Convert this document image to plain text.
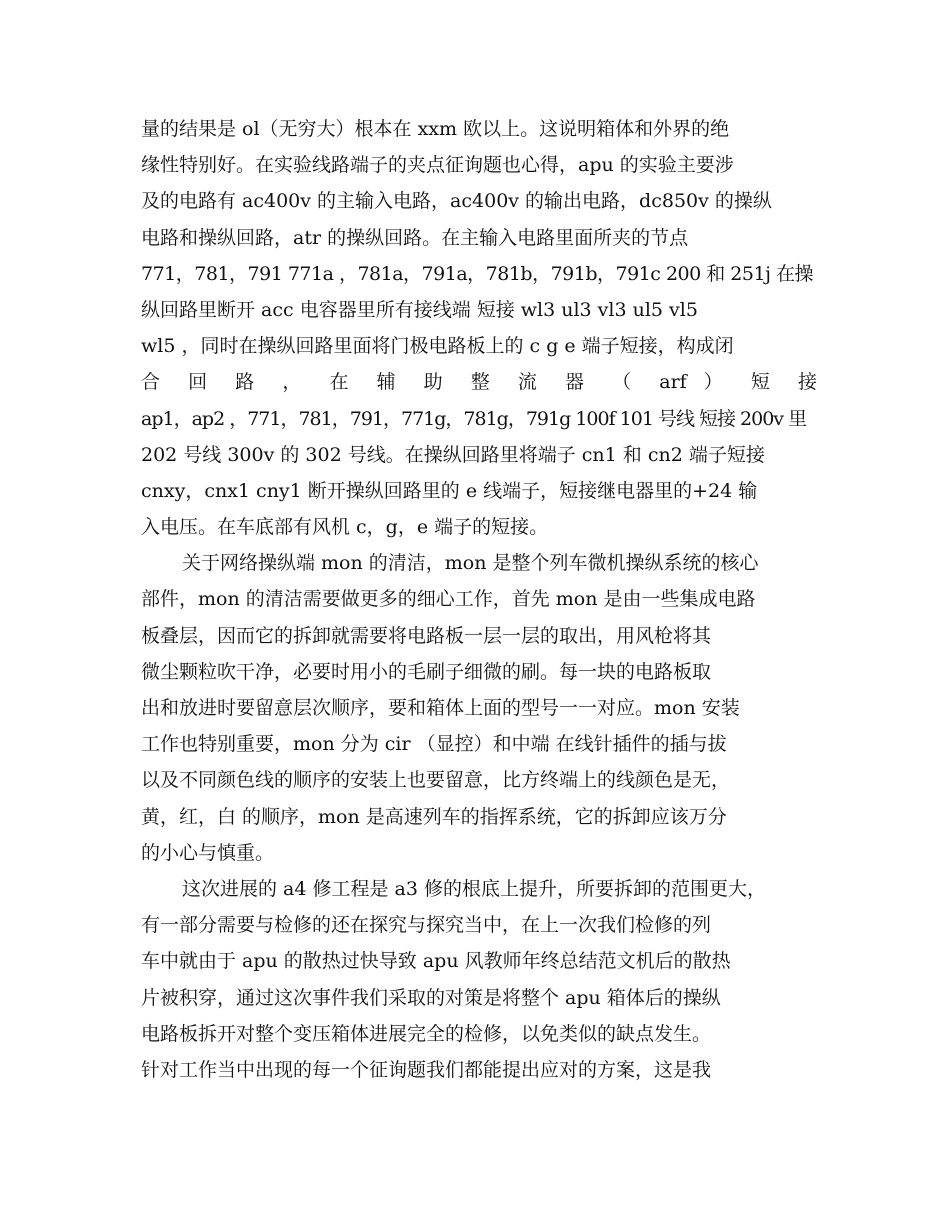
量的结果是 ol（无穷大）根本在 xxm 欧以上。这说明箱体和外界的绝
缘性特别好。在实验线路端子的夹点征询题也心得，apu 的实验主要涉
及的电路有 ac400v 的主输入电路，ac400v 的输出电路，dc850v 的操纵
电路和操纵回路，atr 的操纵回路。在主输入电路里面所夹的节点
771，781，791 771a ，781a，791a，781b，791b，791c 200 和 251j 在操
纵回路里断开 acc 电容器里所有接线端 短接 wl3 ul3 vl3 ul5 vl5
wl5 ，同时在操纵回路里面将门极电路板上的 c g e 端子短接，构成闭
合 回 路 ， 在 辅 助 整 流 器 （ arf ） 短 接
ap1，ap2 ，771，781，791，771g，781g，791g 100f 101 号线 短接 200v 里
202 号线 300v 的 302 号线。在操纵回路里将端子 cn1 和 cn2 端子短接
cnxy，cnx1 cny1 断开操纵回路里的 e 线端子，短接继电器里的+24 输
入电压。在车底部有风机 c，g，e 端子的短接。
关于网络操纵端 mon 的清洁，mon 是整个列车微机操纵系统的核心
部件，mon 的清洁需要做更多的细心工作，首先 mon 是由一些集成电路
板叠层，因而它的拆卸就需要将电路板一层一层的取出，用风枪将其
微尘颗粒吹干净，必要时用小的毛刷子细微的刷。每一块的电路板取
出和放进时要留意层次顺序，要和箱体上面的型号一一对应。mon 安装
工作也特别重要，mon 分为 cir （显控）和中端 在线针插件的插与拔
以及不同颜色线的顺序的安装上也要留意，比方终端上的线颜色是无，
黄，红，白 的顺序，mon 是高速列车的指挥系统，它的拆卸应该万分
的小心与慎重。
这次进展的 a4 修工程是 a3 修的根底上提升，所要拆卸的范围更大，
有一部分需要与检修的还在探究与探究当中，在上一次我们检修的列
车中就由于 apu 的散热过快导致 apu 风教师年终总结范文机后的散热
片被积穿，通过这次事件我们采取的对策是将整个 apu 箱体后的操纵
电路板拆开对整个变压箱体进展完全的检修，以免类似的缺点发生。
针对工作当中出现的每一个征询题我们都能提出应对的方案，这是我
